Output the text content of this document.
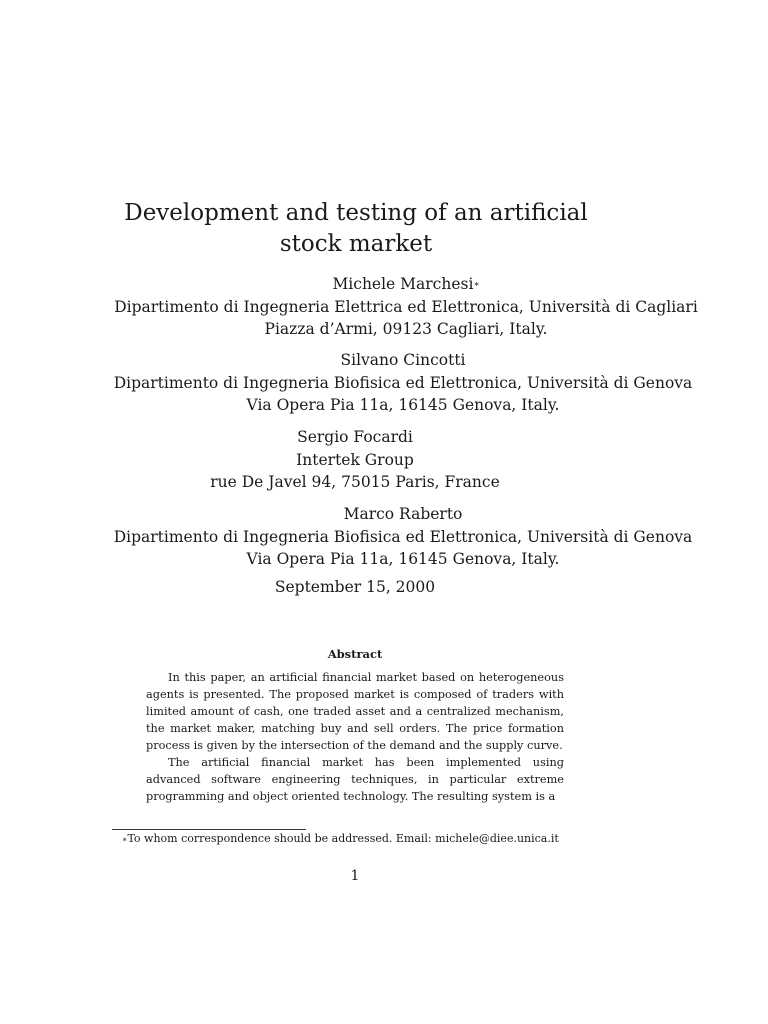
Development and testing of an artificial stock market
Michele Marchesi∗
Dipartimento di Ingegneria Elettrica ed Elettronica, Università di Cagliari
Piazza d’Armi, 09123 Cagliari, Italy.
Silvano Cincotti
Dipartimento di Ingegneria Biofisica ed Elettronica, Università di Genova
Via Opera Pia 11a, 16145 Genova, Italy.
Sergio Focardi
Intertek Group
rue De Javel 94, 75015 Paris, France
Marco Raberto
Dipartimento di Ingegneria Biofisica ed Elettronica, Università di Genova
Via Opera Pia 11a, 16145 Genova, Italy.
September 15, 2000
Abstract

In this paper, an artificial financial market based on heterogeneous agents is presented. The proposed market is composed of traders with limited amount of cash, one traded asset and a centralized mechanism, the market maker, matching buy and sell orders. The price formation process is given by the intersection of the demand and the supply curve.

The artificial financial market has been implemented using advanced software engineering techniques, in particular extreme programming and object oriented technology. The resulting system is a

∗To whom correspondence should be addressed. Email: michele@diee.unica.it
1
